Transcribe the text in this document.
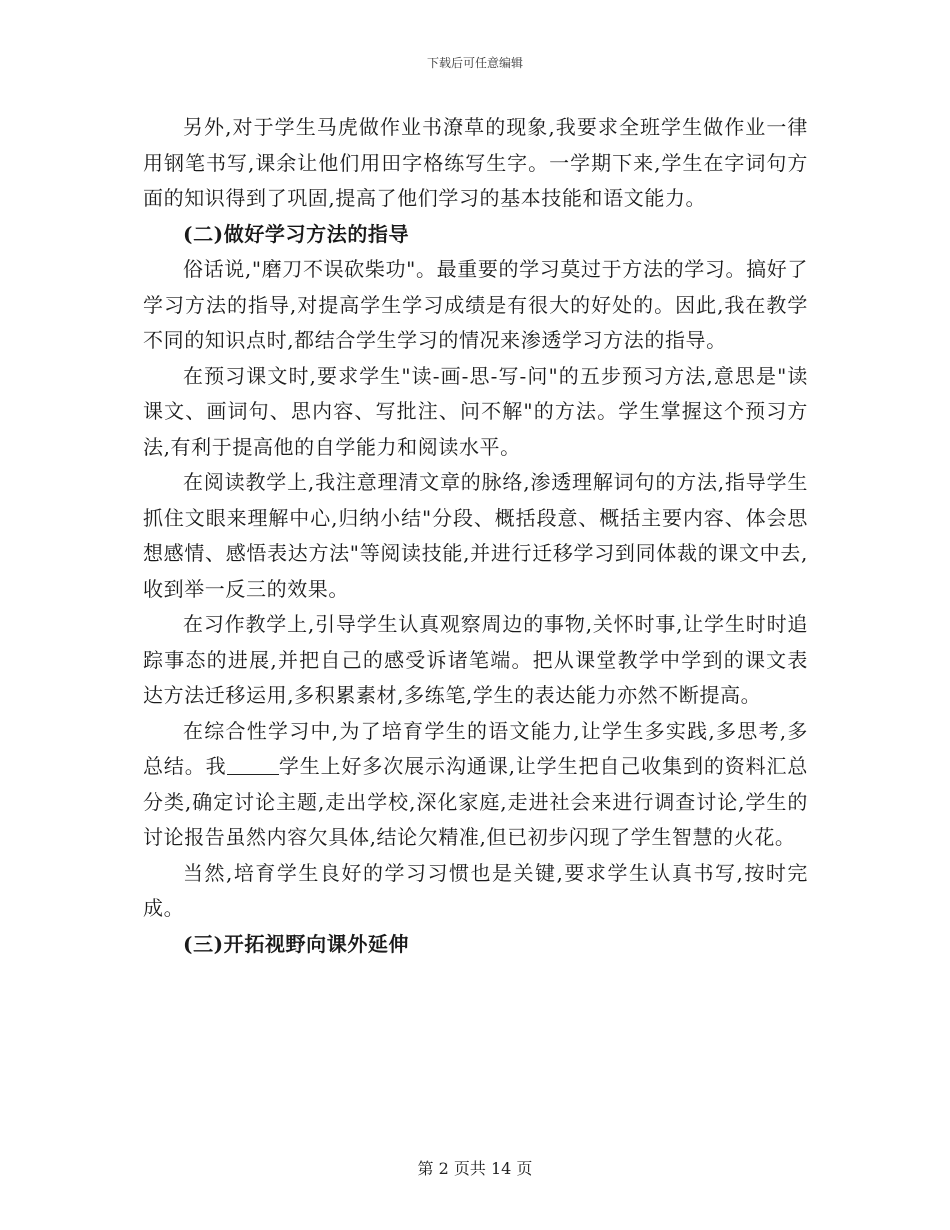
下载后可任意编辑

另外,对于学生马虎做作业书潦草的现象,我要求全班学生做作业一律用钢笔书写,课余让他们用田字格练写生字。一学期下来,学生在字词句方面的知识得到了巩固,提高了他们学习的基本技能和语文能力。

(二)做好学习方法的指导

俗话说,"磨刀不误砍柴功"。最重要的学习莫过于方法的学习。搞好了学习方法的指导,对提高学生学习成绩是有很大的好处的。因此,我在教学不同的知识点时,都结合学生学习的情况来渗透学习方法的指导。

在预习课文时,要求学生"读-画-思-写-问"的五步预习方法,意思是"读课文、画词句、思内容、写批注、问不解"的方法。学生掌握这个预习方法,有利于提高他的自学能力和阅读水平。

在阅读教学上,我注意理清文章的脉络,渗透理解词句的方法,指导学生抓住文眼来理解中心,归纳小结"分段、概括段意、概括主要内容、体会思想感情、感悟表达方法"等阅读技能,并进行迁移学习到同体裁的课文中去,收到举一反三的效果。

在习作教学上,引导学生认真观察周边的事物,关怀时事,让学生时时追踪事态的进展,并把自己的感受诉诸笔端。把从课堂教学中学到的课文表达方法迁移运用,多积累素材,多练笔,学生的表达能力亦然不断提高。

在综合性学习中,为了培育学生的语文能力,让学生多实践,多思考,多总结。我	学生上好多次展示沟通课,让学生把自己收集到的资料汇总分类,确定讨论主题,走出学校,深化家庭,走进社会来进行调查讨论,学生的讨论报告虽然内容欠具体,结论欠精准,但已初步闪现了学生智慧的火花。

当然,培育学生良好的学习习惯也是关键,要求学生认真书写,按时完成。

(三)开拓视野向课外延伸

第 2 页共 14 页
